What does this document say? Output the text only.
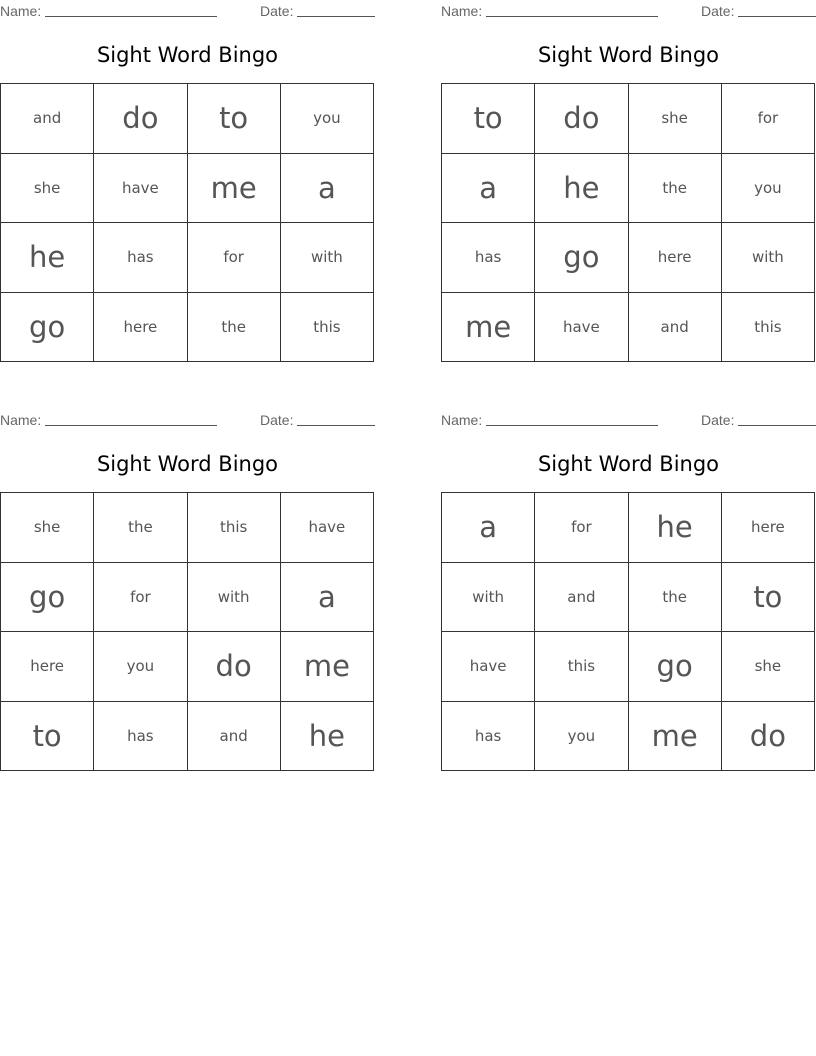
Name:	Date:
Sight Word Bingo
and	do	to	you
she	have	me	a
he	has	for	with
go	here	the	this
Name:	Date:
Sight Word Bingo
to	do	she	for
a	he	the	you
has	go	here	with
me	have	and	this
Name:	Date:
Sight Word Bingo
she	the	this	have
go	for	with	a
here	you	do	me
to	has	and	he
Name:	Date:
Sight Word Bingo
a	for	he	here
with	and	the	to
have	this	go	she
has	you	me	do
